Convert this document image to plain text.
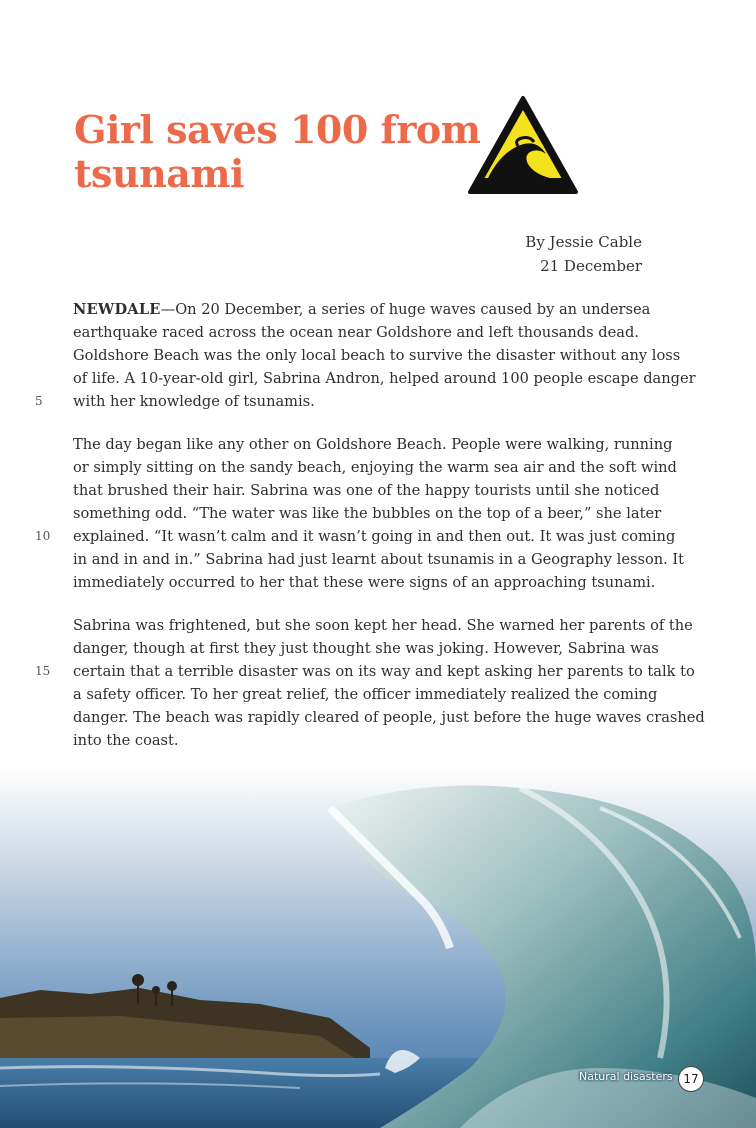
Girl saves 100 from
tsunami
By Jessie Cable
21 December

NEWDALE—On 20 December, a series of huge waves caused by an undersea
earthquake raced across the ocean near Goldshore and left thousands dead.
Goldshore Beach was the only local beach to survive the disaster without any loss
of life. A 10-year-old girl, Sabrina Andron, helped around 100 people escape danger
5	with her knowledge of tsunamis.

The day began like any other on Goldshore Beach. People were walking, running
or simply sitting on the sandy beach, enjoying the warm sea air and the soft wind
that brushed their hair. Sabrina was one of the happy tourists until she noticed
something odd. “The water was like the bubbles on the top of a beer,” she later
10	explained. “It wasn’t calm and it wasn’t going in and then out. It was just coming
in and in and in.” Sabrina had just learnt about tsunamis in a Geography lesson. It
immediately occurred to her that these were signs of an approaching tsunami.

Sabrina was frightened, but she soon kept her head. She warned her parents of the
danger, though at first they just thought she was joking. However, Sabrina was
15	certain that a terrible disaster was on its way and kept asking her parents to talk to
a safety officer. To her great relief, the officer immediately realized the coming
danger. The beach was rapidly cleared of people, just before the huge waves crashed
into the coast.

Natural disasters 17
